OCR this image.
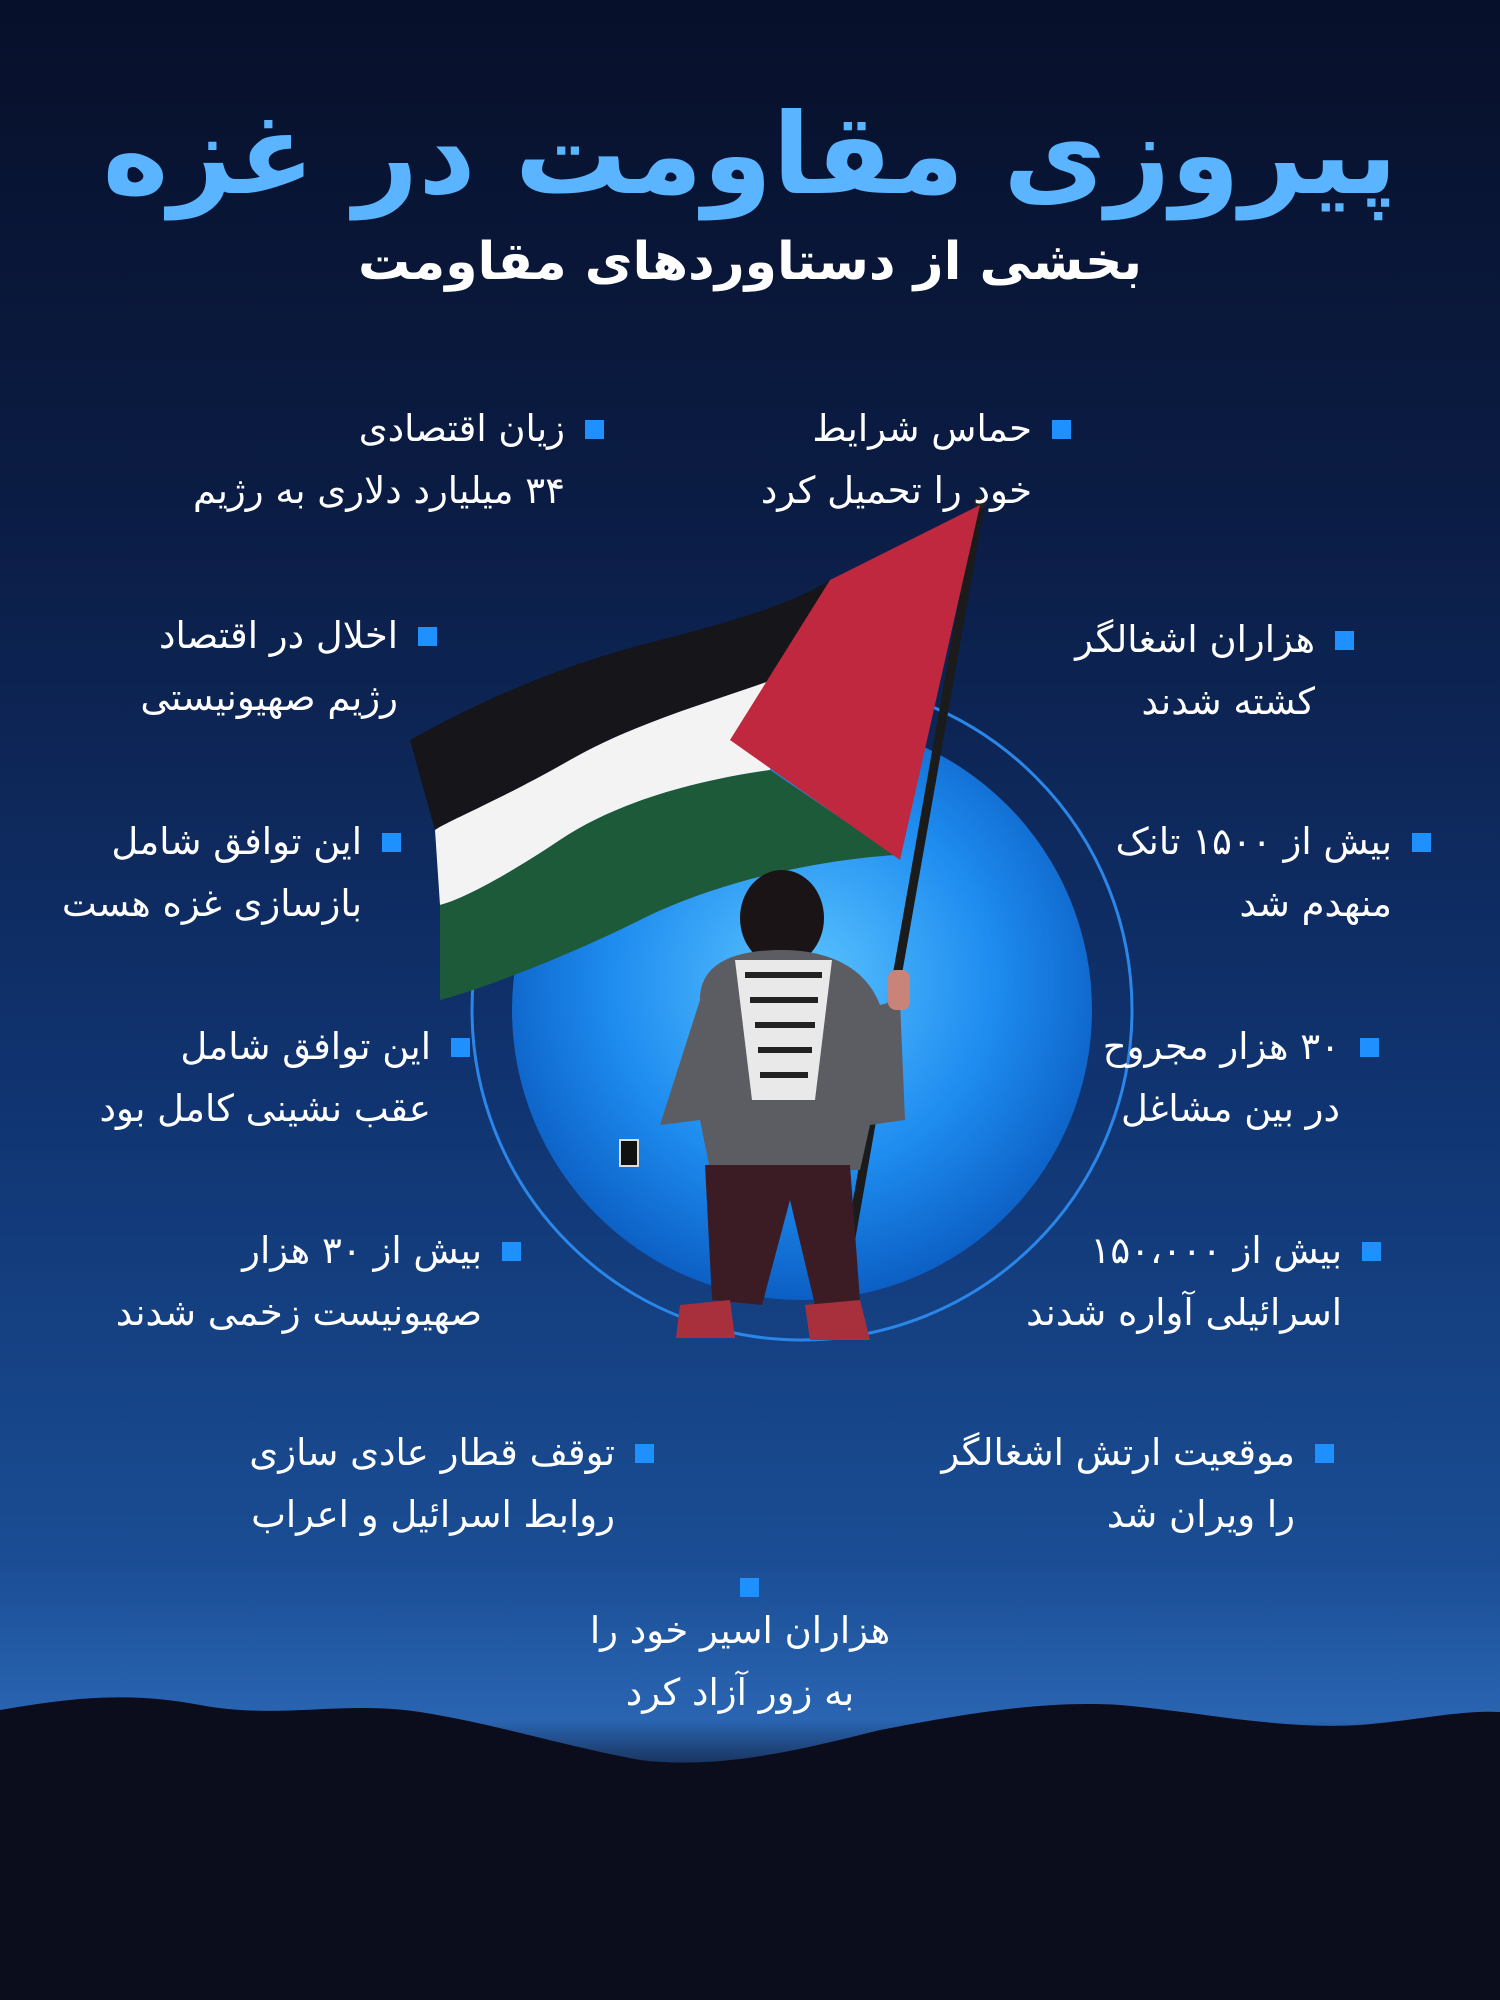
پیروزی مقاومت در غزه
بخشی از دستاوردهای مقاومت
حماس شرایط
خود را تحمیل کرد
هزاران اشغالگر
کشته شدند
بیش از ۱۵۰۰ تانک
منهدم شد
۳۰ هزار مجروح
در بین مشاغل
بیش از ۱۵۰،۰۰۰
اسرائیلی آواره شدند
موقعیت ارتش اشغالگر
را ویران شد
زیان اقتصادی
۳۴ میلیارد دلاری به رژیم
اخلال در اقتصاد
رژیم صهیونیستی
این توافق شامل
بازسازی غزه هست
این توافق شامل
عقب نشینی کامل بود
بیش از ۳۰ هزار
صهیونیست زخمی شدند
توقف قطار عادی سازی
روابط اسرائیل و اعراب
هزاران اسیر خود را
به زور آزاد کرد
